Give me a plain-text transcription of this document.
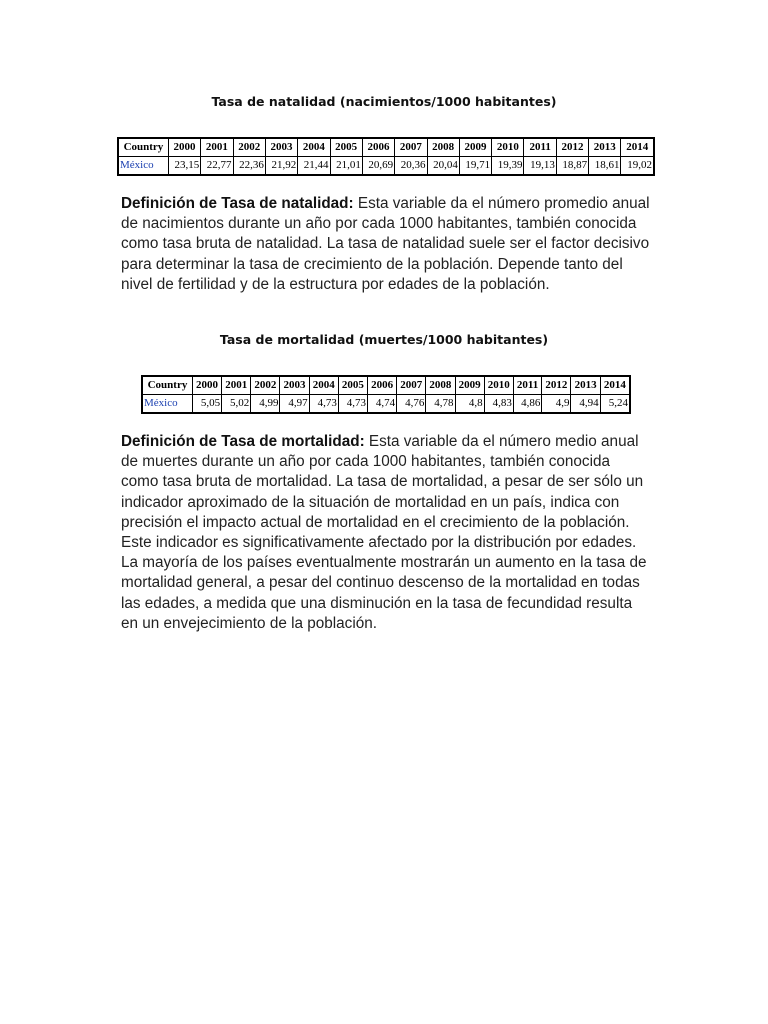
Tasa de natalidad (nacimientos/1000 habitantes)
Country	2000	2001	2002	2003	2004	2005	2006	2007	2008	2009	2010	2011	2012	2013	2014
México	23,15	22,77	22,36	21,92	21,44	21,01	20,69	20,36	20,04	19,71	19,39	19,13	18,87	18,61	19,02
Definición de Tasa de natalidad: Esta variable da el número promedio anual de nacimientos durante un año por cada 1000 habitantes, también conocida como tasa bruta de natalidad. La tasa de natalidad suele ser el factor decisivo para determinar la tasa de crecimiento de la población. Depende tanto del nivel de fertilidad y de la estructura por edades de la población.
Tasa de mortalidad (muertes/1000 habitantes)
Country	2000	2001	2002	2003	2004	2005	2006	2007	2008	2009	2010	2011	2012	2013	2014
México	5,05	5,02	4,99	4,97	4,73	4,73	4,74	4,76	4,78	4,8	4,83	4,86	4,9	4,94	5,24
Definición de Tasa de mortalidad: Esta variable da el número medio anual de muertes durante un año por cada 1000 habitantes, también conocida como tasa bruta de mortalidad. La tasa de mortalidad, a pesar de ser sólo un indicador aproximado de la situación de mortalidad en un país, indica con precisión el impacto actual de mortalidad en el crecimiento de la población. Este indicador es significativamente afectado por la distribución por edades. La mayoría de los países eventualmente mostrarán un aumento en la tasa de mortalidad general, a pesar del continuo descenso de la mortalidad en todas las edades, a medida que una disminución en la tasa de fecundidad resulta en un envejecimiento de la población.
